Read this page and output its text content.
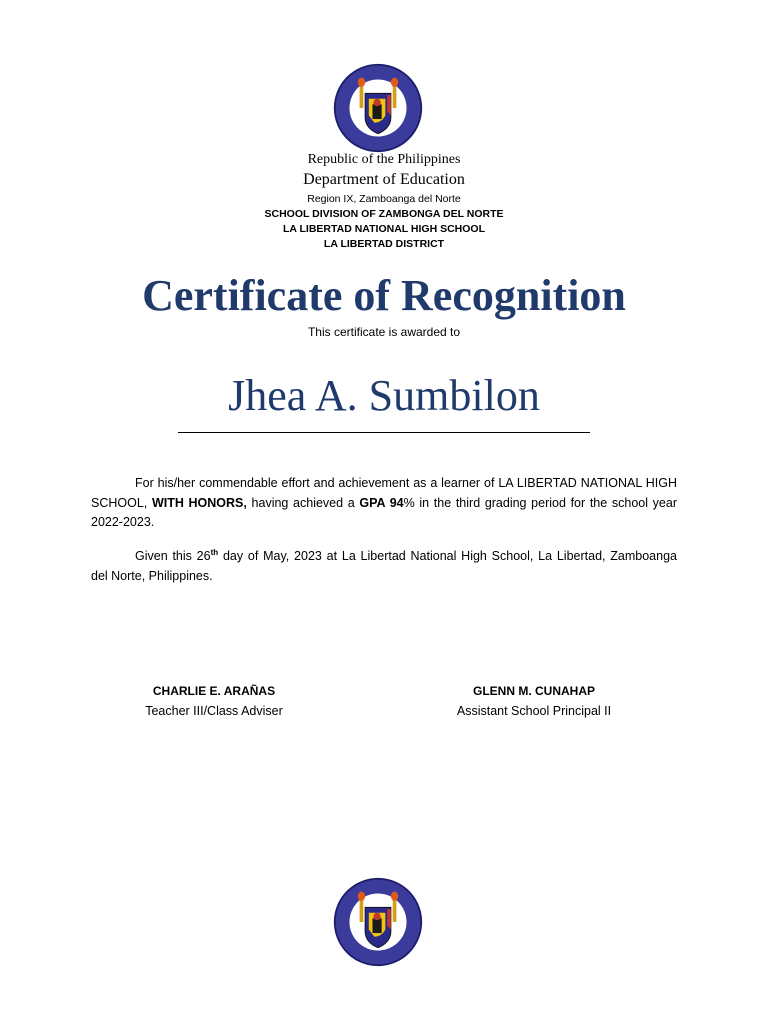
Republic of the Philippines
Department of Education
Region IX, Zamboanga del Norte
SCHOOL DIVISION OF ZAMBONGA DEL NORTE
LA LIBERTAD NATIONAL HIGH SCHOOL
LA LIBERTAD DISTRICT
Certificate of Recognition
This certificate is awarded to
Jhea A. Sumbilon
For his/her commendable effort and achievement as a learner of LA LIBERTAD NATIONAL HIGH SCHOOL, WITH HONORS, having achieved a GPA 94% in the third grading period for the school year 2022-2023.
Given this 26th day of May, 2023 at La Libertad National High School, La Libertad, Zamboanga del Norte, Philippines.
CHARLIE E. ARAÑAS
Teacher III/Class Adviser
GLENN M. CUNAHAP
Assistant School Principal II
